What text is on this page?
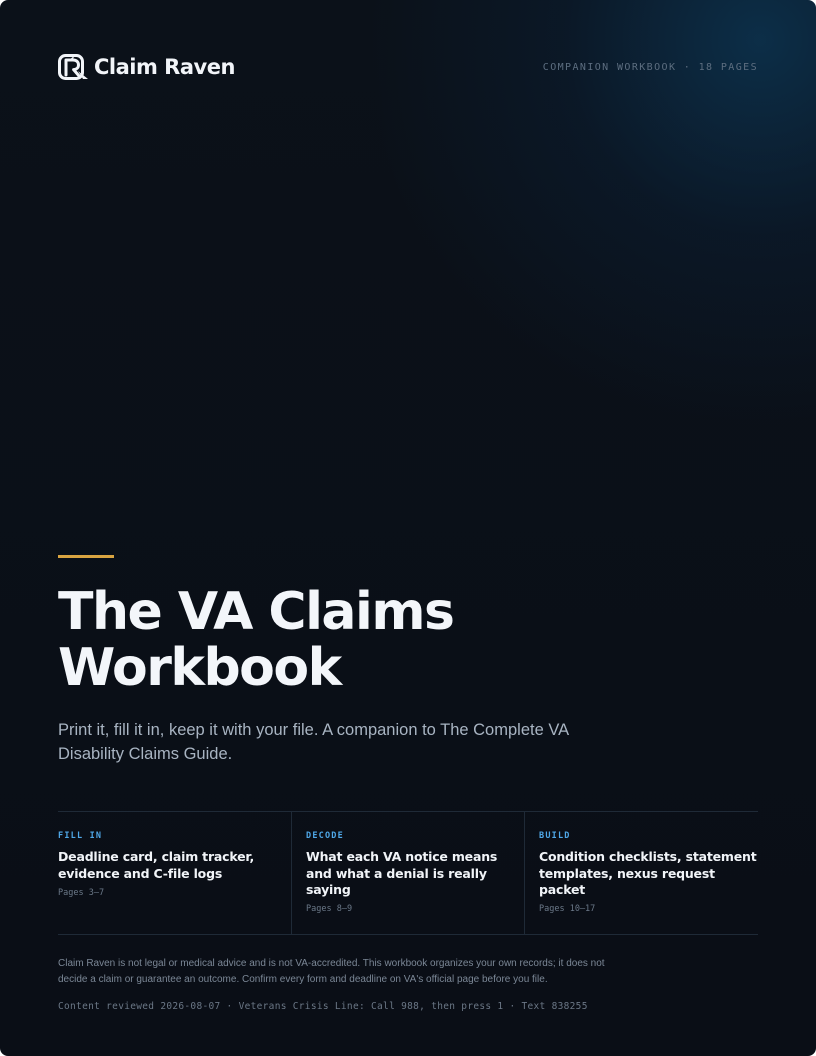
Claim Raven	COMPANION WORKBOOK · 18 PAGES
The VA Claims
Workbook

Print it, fill it in, keep it with your file. A companion to The Complete VA Disability Claims Guide.

FILL IN

Deadline card, claim tracker, evidence and C-file logs

Pages 3–7
DECODE

What each VA notice means and what a denial is really saying

Pages 8–9
BUILD

Condition checklists, statement templates, nexus request packet

Pages 10–17

Claim Raven is not legal or medical advice and is not VA-accredited. This workbook organizes your own records; it does not decide a claim or guarantee an outcome. Confirm every form and deadline on VA's official page before you file.

Content reviewed 2026-08-07 · Veterans Crisis Line: Call 988, then press 1 · Text 838255
